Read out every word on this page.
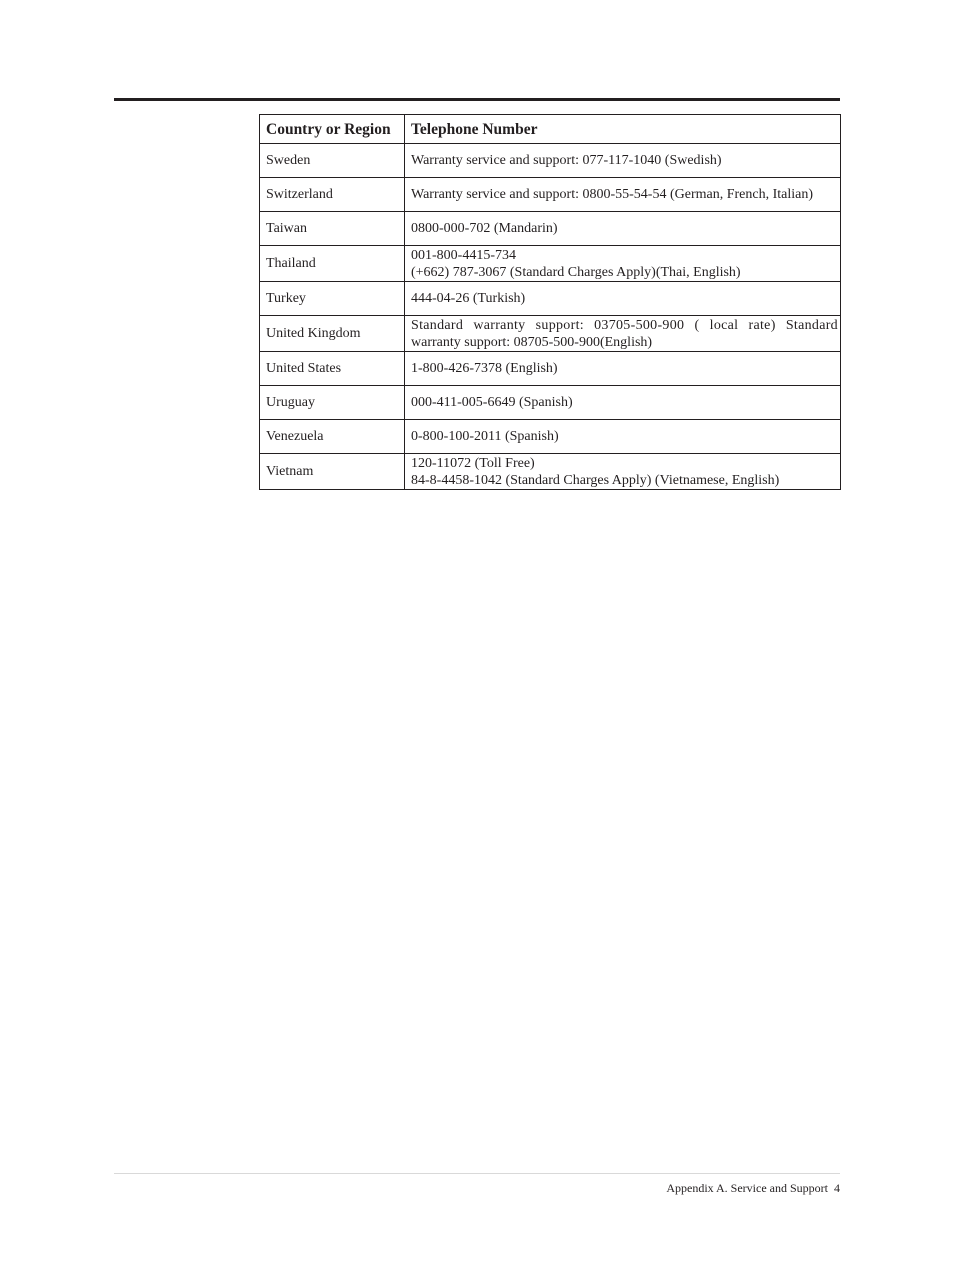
Country or Region	Telephone Number
Sweden	Warranty service and support: 077-117-1040 (Swedish)

Switzerland	Warranty service and support: 0800-55-54-54 (German, French, Italian)

Taiwan	0800-000-702 (Mandarin)

Thailand	001-800-4415-734
(+662) 787-3067 (Standard Charges Apply)(Thai, English)

Turkey	444-04-26 (Turkish)

United Kingdom	Standard warranty support: 03705-500-900 ( local rate) Standard
warranty support: 08705-500-900(English)

United States	1-800-426-7378 (English)

Uruguay	000-411-005-6649 (Spanish)

Venezuela	0-800-100-2011 (Spanish)

Vietnam	120-11072 (Toll Free)
84-8-4458-1042 (Standard Charges Apply) (Vietnamese, English)
Appendix A. Service and Support 4
